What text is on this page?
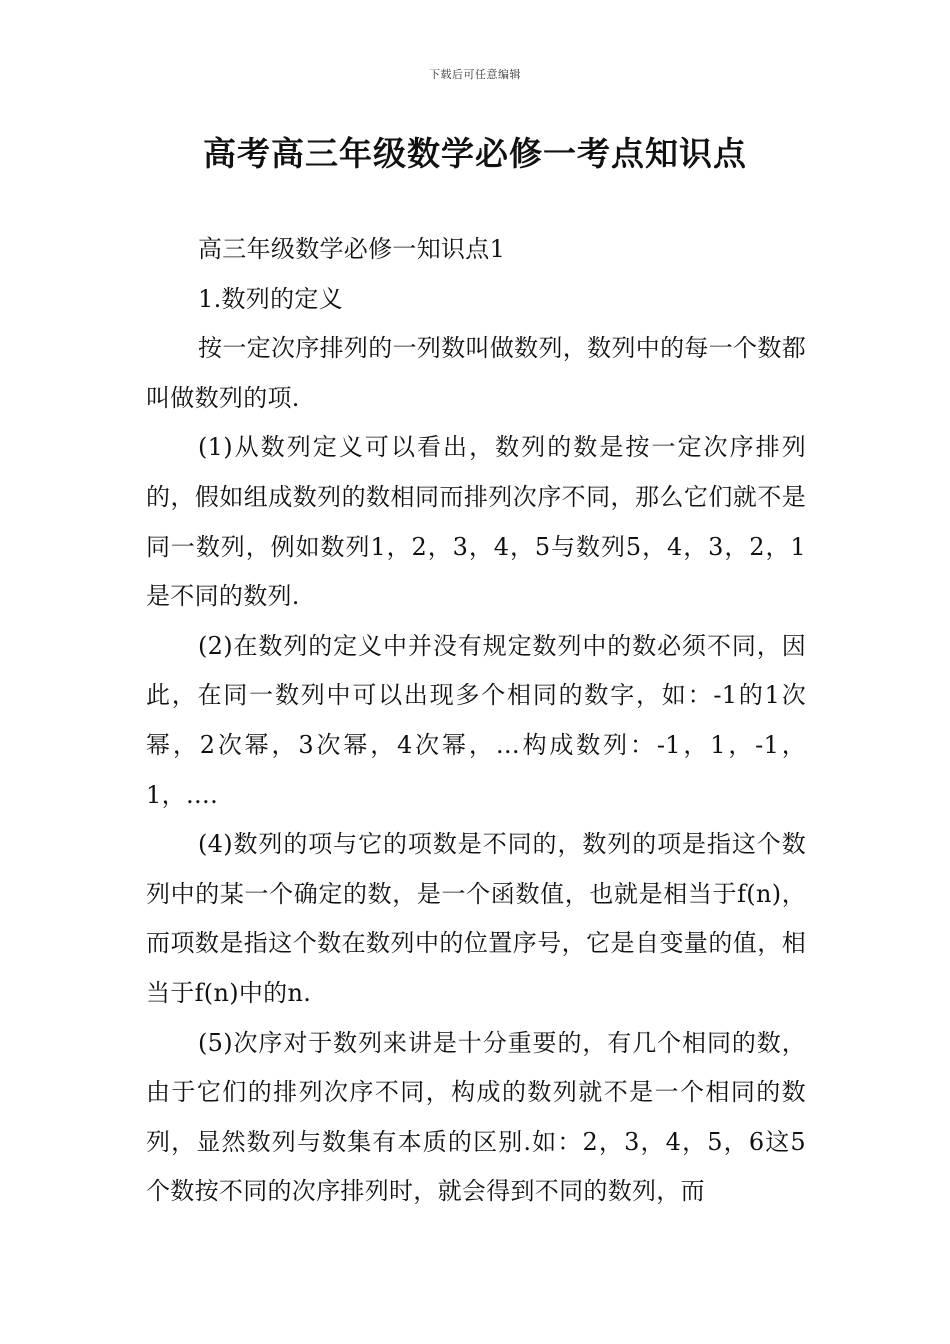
下载后可任意编辑
高考高三年级数学必修一考点知识点

高三年级数学必修一知识点1

1.数列的定义

按一定次序排列的一列数叫做数列，数列中的每一个数都叫做数列的项.

(1)从数列定义可以看出，数列的数是按一定次序排列的，假如组成数列的数相同而排列次序不同，那么它们就不是同一数列，例如数列1，2，3，4，5与数列5，4，3，2，1是不同的数列.

(2)在数列的定义中并没有规定数列中的数必须不同，因此，在同一数列中可以出现多个相同的数字，如：-1的1次幂，2次幂，3次幂，4次幂，…构成数列：-1，1，-1，1，….

(4)数列的项与它的项数是不同的，数列的项是指这个数列中的某一个确定的数，是一个函数值，也就是相当于f(n)，而项数是指这个数在数列中的位置序号，它是自变量的值，相当于f(n)中的n.

(5)次序对于数列来讲是十分重要的，有几个相同的数，由于它们的排列次序不同，构成的数列就不是一个相同的数列，显然数列与数集有本质的区别.如：2，3，4，5，6这5个数按不同的次序排列时，就会得到不同的数列，而
